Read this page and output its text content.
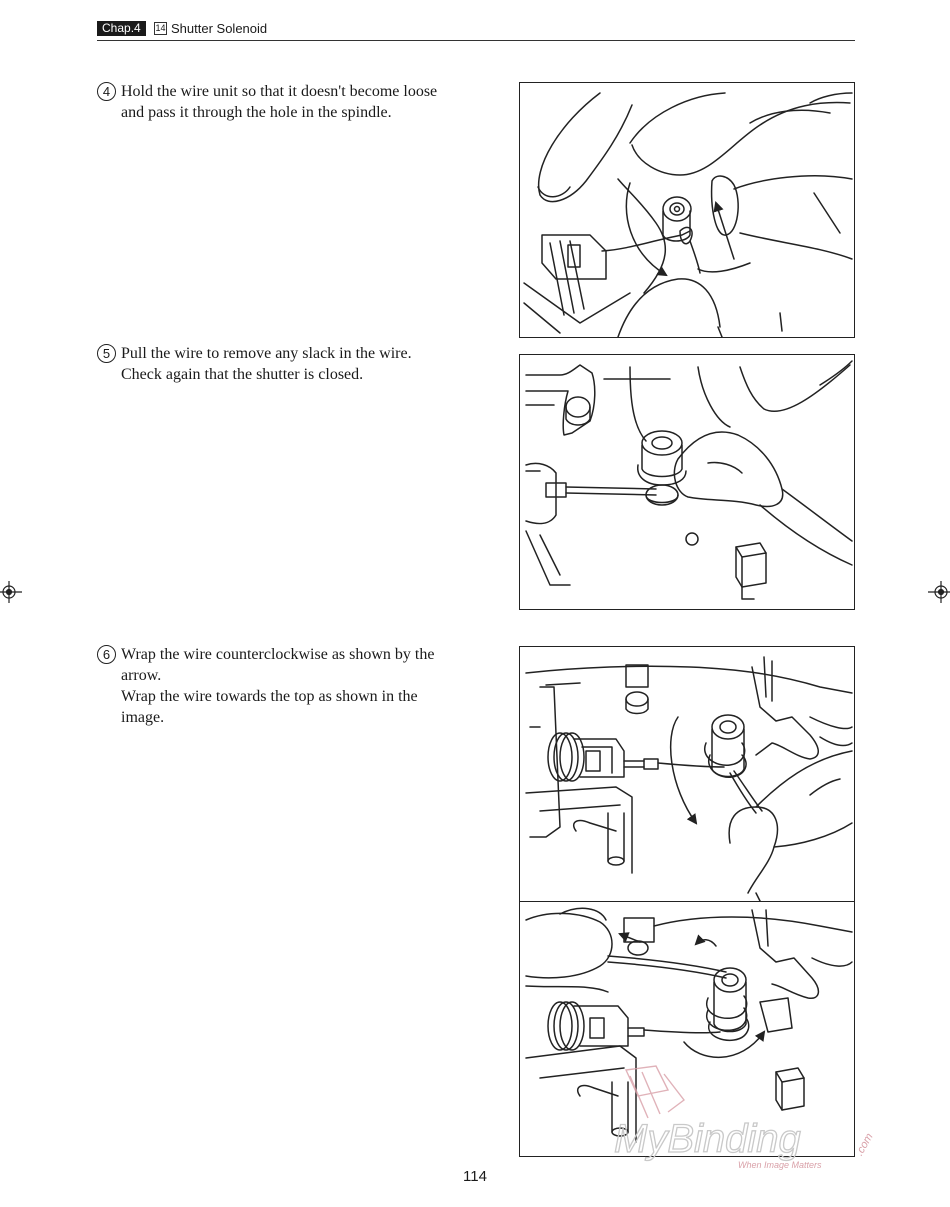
Chap.4	14 Shutter Solenoid
4 Hold the wire unit so that it doesn't become loose
and pass it through the hole in the spindle.
5 Pull the wire to remove any slack in the wire.
Check again that the shutter is closed.
6 Wrap the wire counterclockwise as shown by the
arrow.
Wrap the wire towards the top as shown in the
image.
114
MyBinding	.com
When Image Matters
